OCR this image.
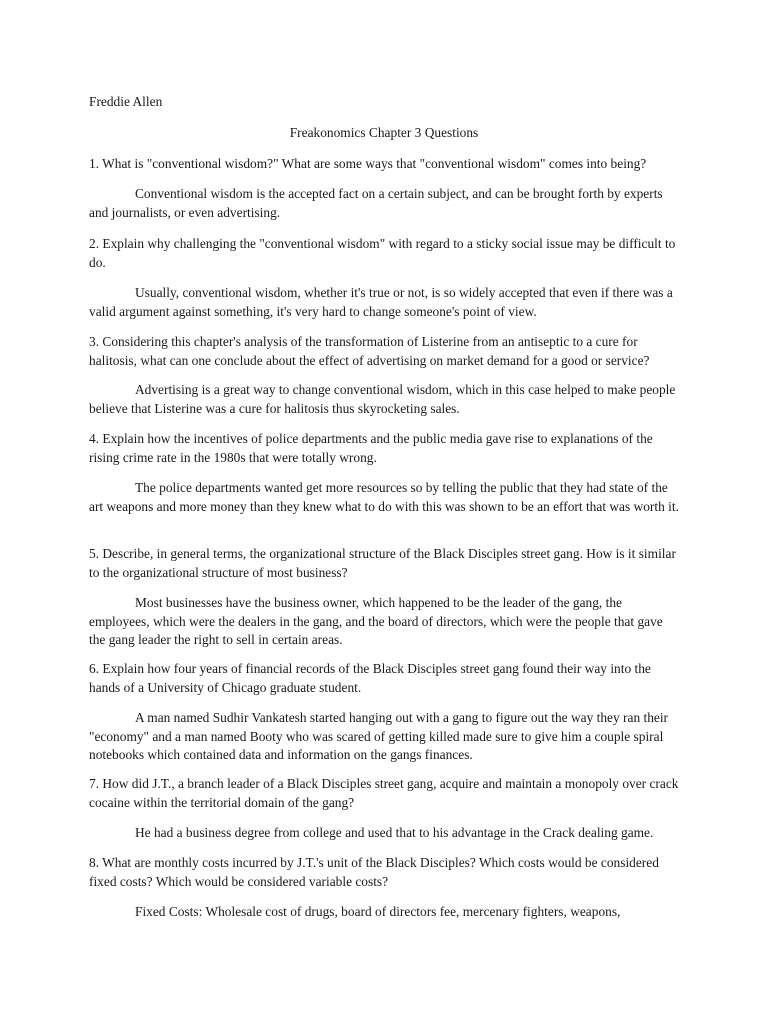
Freddie Allen

Freakonomics Chapter 3 Questions

1. What is "conventional wisdom?" What are some ways that "conventional wisdom" comes into being?

Conventional wisdom is the accepted fact on a certain subject, and can be brought forth by experts and journalists, or even advertising.

2. Explain why challenging the "conventional wisdom" with regard to a sticky social issue may be difficult to do.

Usually, conventional wisdom, whether it's true or not, is so widely accepted that even if there was a valid argument against something, it's very hard to change someone's point of view.

3. Considering this chapter's analysis of the transformation of Listerine from an antiseptic to a cure for halitosis, what can one conclude about the effect of advertising on market demand for a good or service?

Advertising is a great way to change conventional wisdom, which in this case helped to make people believe that Listerine was a cure for halitosis thus skyrocketing sales.

4. Explain how the incentives of police departments and the public media gave rise to explanations of the rising crime rate in the 1980s that were totally wrong.

The police departments wanted get more resources so by telling the public that they had state of the art weapons and more money than they knew what to do with this was shown to be an effort that was worth it.

5. Describe, in general terms, the organizational structure of the Black Disciples street gang. How is it similar to the organizational structure of most business?

Most businesses have the business owner, which happened to be the leader of the gang, the employees, which were the dealers in the gang, and the board of directors, which were the people that gave the gang leader the right to sell in certain areas.

6. Explain how four years of financial records of the Black Disciples street gang found their way into the hands of a University of Chicago graduate student.

A man named Sudhir Vankatesh started hanging out with a gang to figure out the way they ran their "economy" and a man named Booty who was scared of getting killed made sure to give him a couple spiral notebooks which contained data and information on the gangs finances.

7. How did J.T., a branch leader of a Black Disciples street gang, acquire and maintain a monopoly over crack cocaine within the territorial domain of the gang?

He had a business degree from college and used that to his advantage in the Crack dealing game.

8. What are monthly costs incurred by J.T.'s unit of the Black Disciples? Which costs would be considered fixed costs? Which would be considered variable costs?

Fixed Costs: Wholesale cost of drugs, board of directors fee, mercenary fighters, weapons,
